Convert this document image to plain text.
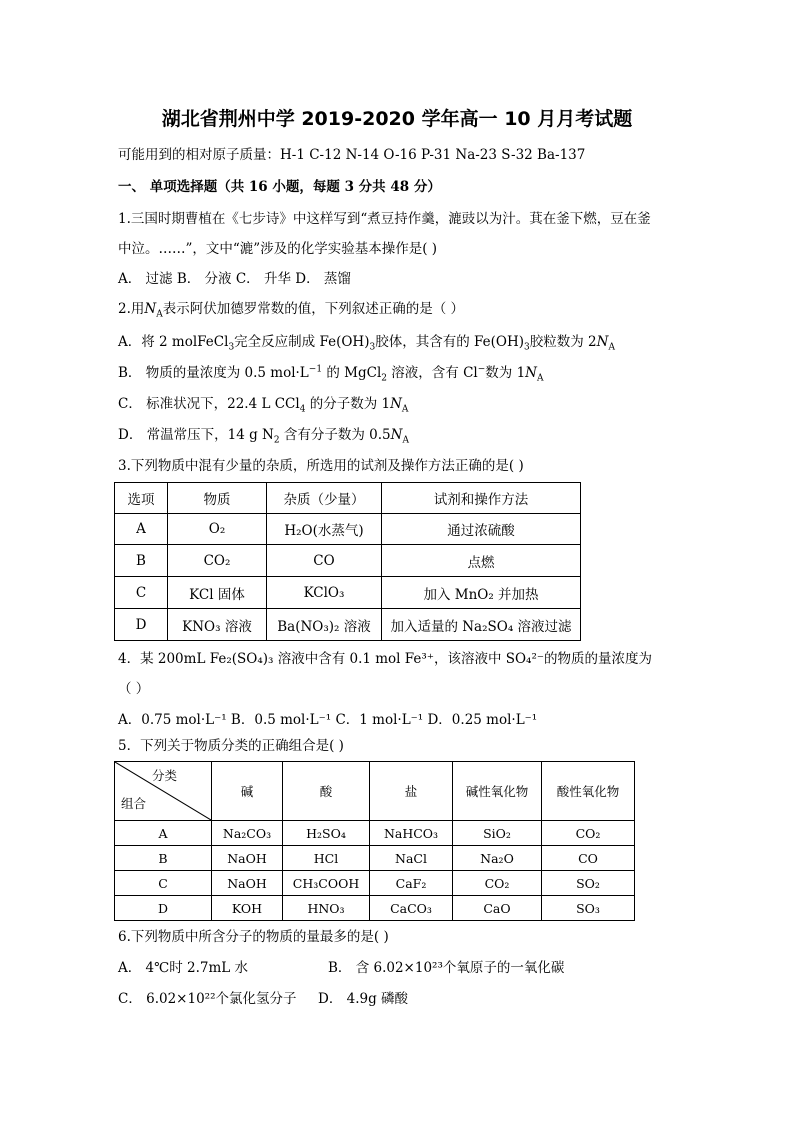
湖北省荆州中学 2019-2020 学年高一 10 月月考试题
可能用到的相对原子质量：H-1 C-12 N-14 O-16 P-31 Na-23 S-32 Ba-137
一、 单项选择题（共 16 小题，每题 3 分共 48 分）
1.三国时期曹植在《七步诗》中这样写到“煮豆持作羹，漉豉以为汁。萁在釜下燃，豆在釜
中泣。……”，文中“漉”涉及的化学实验基本操作是( )
A． 过滤 B． 分液 C． 升华 D． 蒸馏
2.用$N_A$表示阿伏加德罗常数的值，下列叙述正确的是（ ）
A．将 2 molFeCl$_3$完全反应制成 $Fe(OH)_3$胶体，其含有的 $Fe(OH)_3$胶粒数为 $2N_A$
B． 物质的量浓度为 0.5 $mol\cdot L^{-1}$ 的 MgCl$_2$ 溶液，含有 Cl−数为 $1N_A$
C． 标准状况下，22.4 L CCl$_4$ 的分子数为 $1N_A$
D． 常温常压下，14 g $N_2$ 含有分子数为 $0.5N_A$
3.下列物质中混有少量的杂质，所选用的试剂及操作方法正确的是( )
选项	物质	杂质（少量）	试剂和操作方法
A	O₂	H₂O(水蒸气)	通过浓硫酸
B	CO₂	CO	点燃
C	KCl 固体	KClO₃	加入 MnO₂ 并加热
D	KNO₃ 溶液	Ba(NO₃)₂ 溶液	加入适量的 Na₂SO₄ 溶液过滤
4．某 200mL Fe₂(SO₄)₃ 溶液中含有 0.1 mol Fe³⁺，该溶液中 SO₄²⁻的物质的量浓度为
（ ）
A．0.75 mol·L⁻¹ B．0.5 mol·L⁻¹ C．1 mol·L⁻¹ D．0.25 mol·L⁻¹
5．下列关于物质分类的正确组合是( )
分类
组合	碱	酸	盐	碱性氧化物	酸性氧化物
A	Na₂CO₃	H₂SO₄	NaHCO₃	SiO₂	CO₂
B	NaOH	HCl	NaCl	Na₂O	CO
C	NaOH	CH₃COOH	CaF₂	CO₂	SO₂
D	KOH	HNO₃	CaCO₃	CaO	SO₃
6.下列物质中所含分子的物质的量最多的是( )
A． 4℃时 2.7mL 水	B． 含 6.02×10²³个氧原子的一氧化碳
C． 6.02×10²²个氯化氢分子 D． 4.9g 磷酸
